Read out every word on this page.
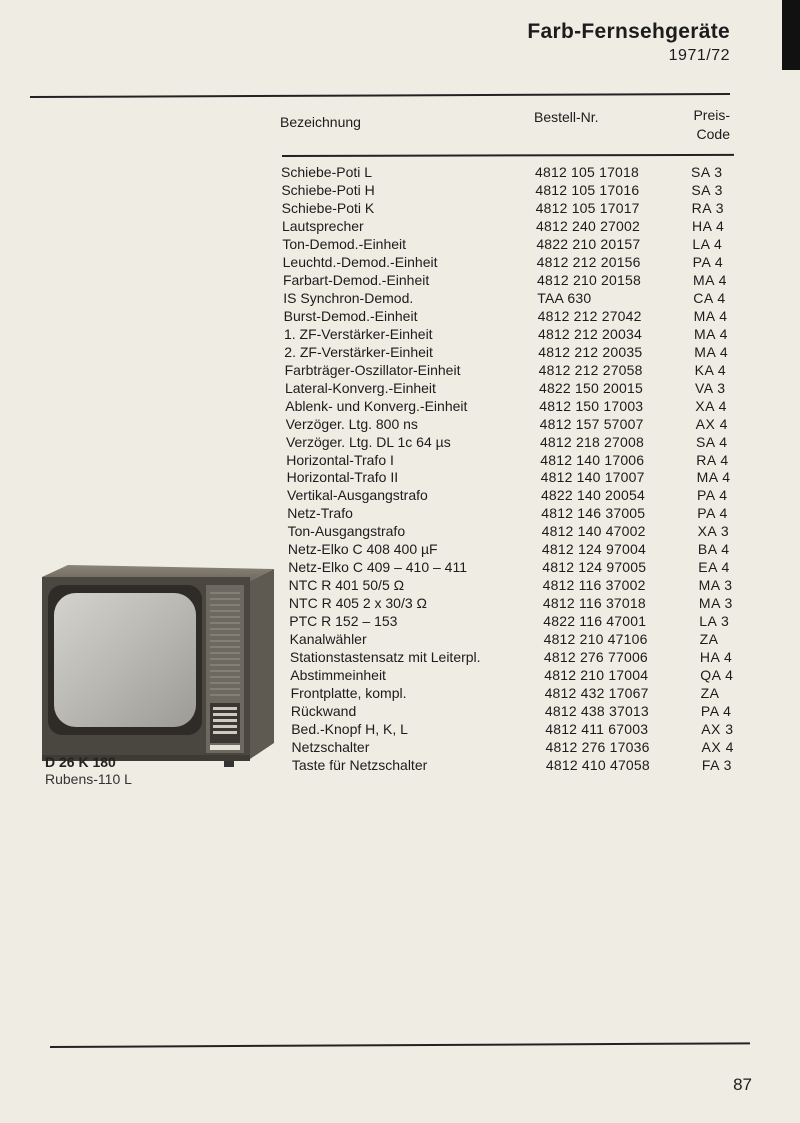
Farb-Fernsehgeräte
1971/72
Bezeichnung	Bestell-Nr.	Preis-
Code
Schiebe-Poti L	4812 105 17018	SA 3
Schiebe-Poti H	4812 105 17016	SA 3
Schiebe-Poti K	4812 105 17017	RA 3
Lautsprecher	4812 240 27002	HA 4
Ton-Demod.-Einheit	4822 210 20157	LA 4
Leuchtd.-Demod.-Einheit	4812 212 20156	PA 4
Farbart-Demod.-Einheit	4812 210 20158	MA 4
IS Synchron-Demod.	TAA 630	CA 4
Burst-Demod.-Einheit	4812 212 27042	MA 4
1. ZF-Verstärker-Einheit	4812 212 20034	MA 4
2. ZF-Verstärker-Einheit	4812 212 20035	MA 4
Farbträger-Oszillator-Einheit	4812 212 27058	KA 4
Lateral-Konverg.-Einheit	4822 150 20015	VA 3
Ablenk- und Konverg.-Einheit	4812 150 17003	XA 4
Verzöger. Ltg. 800 ns	4812 157 57007	AX 4
Verzöger. Ltg. DL 1c 64 µs	4812 218 27008	SA 4
Horizontal-Trafo I	4812 140 17006	RA 4
Horizontal-Trafo II	4812 140 17007	MA 4
Vertikal-Ausgangstrafo	4822 140 20054	PA 4
Netz-Trafo	4812 146 37005	PA 4
Ton-Ausgangstrafo	4812 140 47002	XA 3
Netz-Elko C 408 400 µF	4812 124 97004	BA 4
Netz-Elko C 409 – 410 – 411	4812 124 97005	EA 4
NTC R 401 50/5 Ω	4812 116 37002	MA 3
NTC R 405 2 x 30/3 Ω	4812 116 37018	MA 3
PTC R 152 – 153	4822 116 47001	LA 3
Kanalwähler	4812 210 47106	ZA
Stationstastensatz mit Leiterpl.	4812 276 77006	HA 4
Abstimmeinheit	4812 210 17004	QA 4
Frontplatte, kompl.	4812 432 17067	ZA
Rückwand	4812 438 37013	PA 4
Bed.-Knopf H, K, L	4812 411 67003	AX 3
Netzschalter	4812 276 17036	AX 4
Taste für Netzschalter	4812 410 47058	FA 3
D 26 K 180
Rubens-110 L
87
